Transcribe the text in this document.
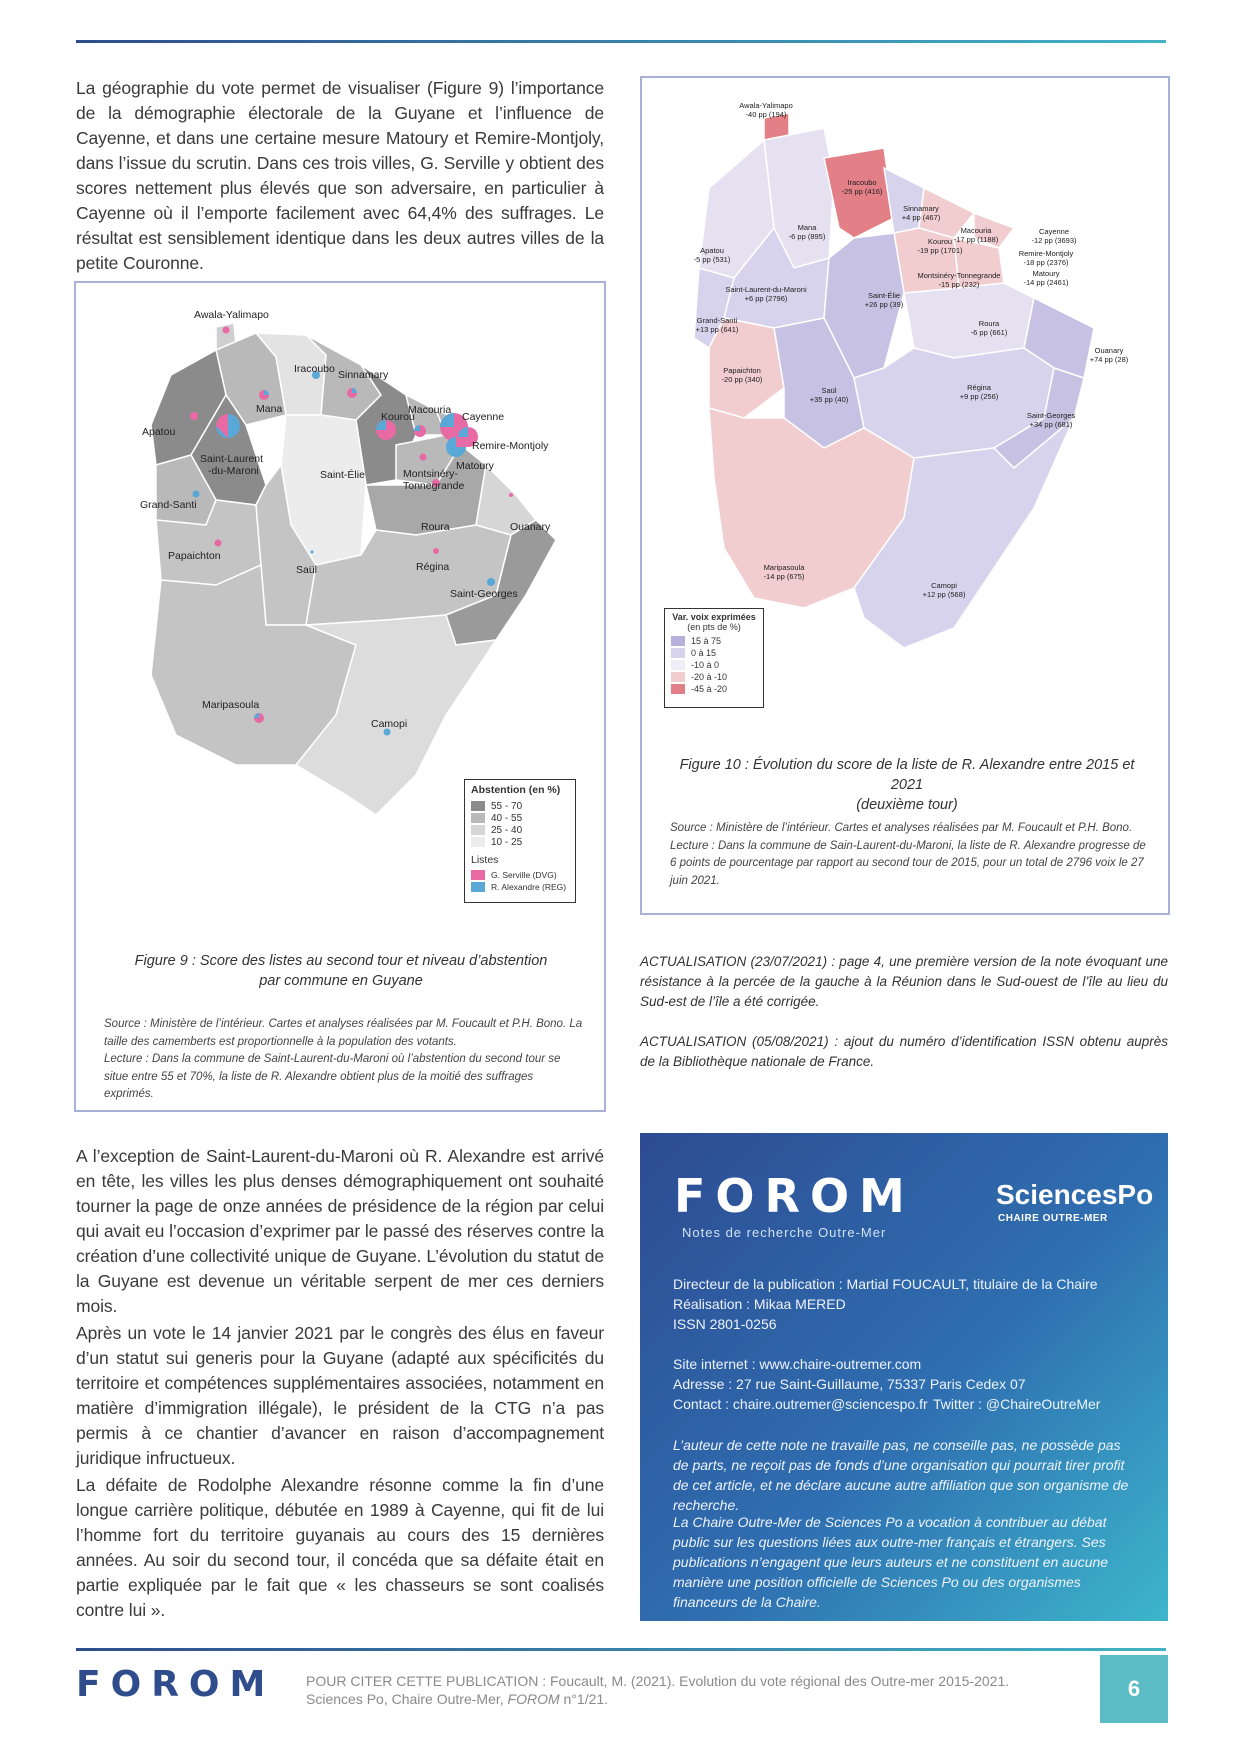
La géographie du vote permet de visualiser (Figure 9) l’importance de la démographie électorale de la Guyane et l’influence de Cayenne, et dans une certaine mesure Matoury et Remire-Montjoly, dans l’issue du scrutin. Dans ces trois villes, G. Serville y obtient des scores nettement plus élevés que son adversaire, en particulier à Cayenne où il l’emporte facilement avec 64,4% des suffrages. Le résultat est sensiblement identique dans les deux autres villes de la petite Couronne.

Awala-Yalimapo
Iracoubo Sinnamary
Mana	Macouria
Cayenne
Kourou
Apatou
Saint-Laurent
-du-Maroni
Remire-Montjoly
Matoury
Saint-Élie	Montsinéry-
Tonnegrande
Grand-Santi
Roura	Ouanary
Papaichton
Saül	Régina
Saint-Georges
Maripasoula
Camopi
Abstention (en %)
55 - 70
40 - 55
25 - 40
10 - 25
Listes
G. Serville (DVG)
R. Alexandre (REG)
Figure 9 : Score des listes au second tour et niveau d’abstention
par commune en Guyane
Source : Ministère de l’intérieur. Cartes et analyses réalisées par M. Foucault et P.H. Bono. La taille des camemberts est proportionnelle à la population des votants.
Lecture : Dans la commune de Saint-Laurent-du-Maroni où l’abstention du second tour se situe entre 55 et 70%, la liste de R. Alexandre obtient plus de la moitié des suffrages exprimés.
Awala-Yalimapo
-40 pp (194)
Iracoubo
-25 pp (416)
Sinnamary
+4 pp (467)
Mana
-6 pp (895)
Macouria
-17 pp (1188)
Kourou
-19 pp (1701)
Cayenne
-12 pp (3693)
Remire-Montjoly
-18 pp (2376)
Apatou
-5 pp (531)
Montsinéry-Tonnegrande
-15 pp (232)
Matoury
-14 pp (2461)
Saint-Laurent-du-Maroni
+6 pp (2796)	Saint-Élie
+26 pp (39)
Grand-Santi
+13 pp (641)
Roura
-6 pp (661)
Ouanary
+74 pp (28)
Papaichton
-20 pp (340)
Saül
+35 pp (40)
Régina
+9 pp (256)
Saint-Georges
+34 pp (681)
Maripasoula
-14 pp (675)
Camopi
+12 pp (568)
Var. voix exprimées
(en pts de %)
15 à 75
0 à 15
-10 à 0
-20 à -10
-45 à -20
Figure 10 : Évolution du score de la liste de R. Alexandre entre 2015 et 2021
(deuxième tour)
Source : Ministère de l’intérieur. Cartes et analyses réalisées par M. Foucault et P.H. Bono.
Lecture : Dans la commune de Sain-Laurent-du-Maroni, la liste de R. Alexandre progresse de 6 points de pourcentage par rapport au second tour de 2015, pour un total de 2796 voix le 27 juin 2021.
ACTUALISATION (23/07/2021) : page 4, une première version de la note évoquant une résistance à la percée de la gauche à la Réunion dans le Sud-ouest de l’île au lieu du Sud-est de l’île a été corrigée.
ACTUALISATION (05/08/2021) : ajout du numéro d’identification ISSN obtenu auprès de la Bibliothèque nationale de France.

A l’exception de Saint-Laurent-du-Maroni où R. Alexandre est arrivé en tête, les villes les plus denses démographiquement ont souhaité tourner la page de onze années de présidence de la région par celui qui avait eu l’occasion d’exprimer par le passé des réserves contre la création d’une collectivité unique de Guyane. L’évolution du statut de la Guyane est devenue un véritable serpent de mer ces derniers mois.

Après un vote le 14 janvier 2021 par le congrès des élus en faveur d’un statut sui generis pour la Guyane (adapté aux spécificités du territoire et compétences supplémentaires associées, notamment en matière d’immigration illégale), le président de la CTG n’a pas permis à ce chantier d’avancer en raison d’accompagnement juridique infructueux.

La défaite de Rodolphe Alexandre résonne comme la fin d’une longue carrière politique, débutée en 1989 à Cayenne, qui fit de lui l’homme fort du territoire guyanais au cours des 15 dernières années. Au soir du second tour, il concéda que sa défaite était en partie expliquée par le fait que « les chasseurs se sont coalisés contre lui ».

FOROM
Notes de recherche Outre-Mer
SciencesPo
CHAIRE OUTRE-MER

Directeur de la publication : Martial FOUCAULT, titulaire de la Chaire

Réalisation : Mikaa MERED

ISSN 2801-0256

Site internet : www.chaire-outremer.com

Adresse : 27 rue Saint-Guillaume, 75337 Paris Cedex 07

Contact : chaire.outremer@sciencespo.fr Twitter : @ChaireOutreMer

L’auteur de cette note ne travaille pas, ne conseille pas, ne possède pas de parts, ne reçoit pas de fonds d’une organisation qui pourrait tirer profit de cet article, et ne déclare aucune autre affiliation que son organisme de recherche.

La Chaire Outre-Mer de Sciences Po a vocation à contribuer au débat public sur les questions liées aux outre-mer français et étrangers. Ses publications n’engagent que leurs auteurs et ne constituent en aucune manière une position officielle de Sciences Po ou des organismes financeurs de la Chaire.

FOROM POUR CITER CETTE PUBLICATION : Foucault, M. (2021). Evolution du vote régional des Outre-mer 2015-2021.
Sciences Po, Chaire Outre-Mer, FOROM n°1/21.	6
